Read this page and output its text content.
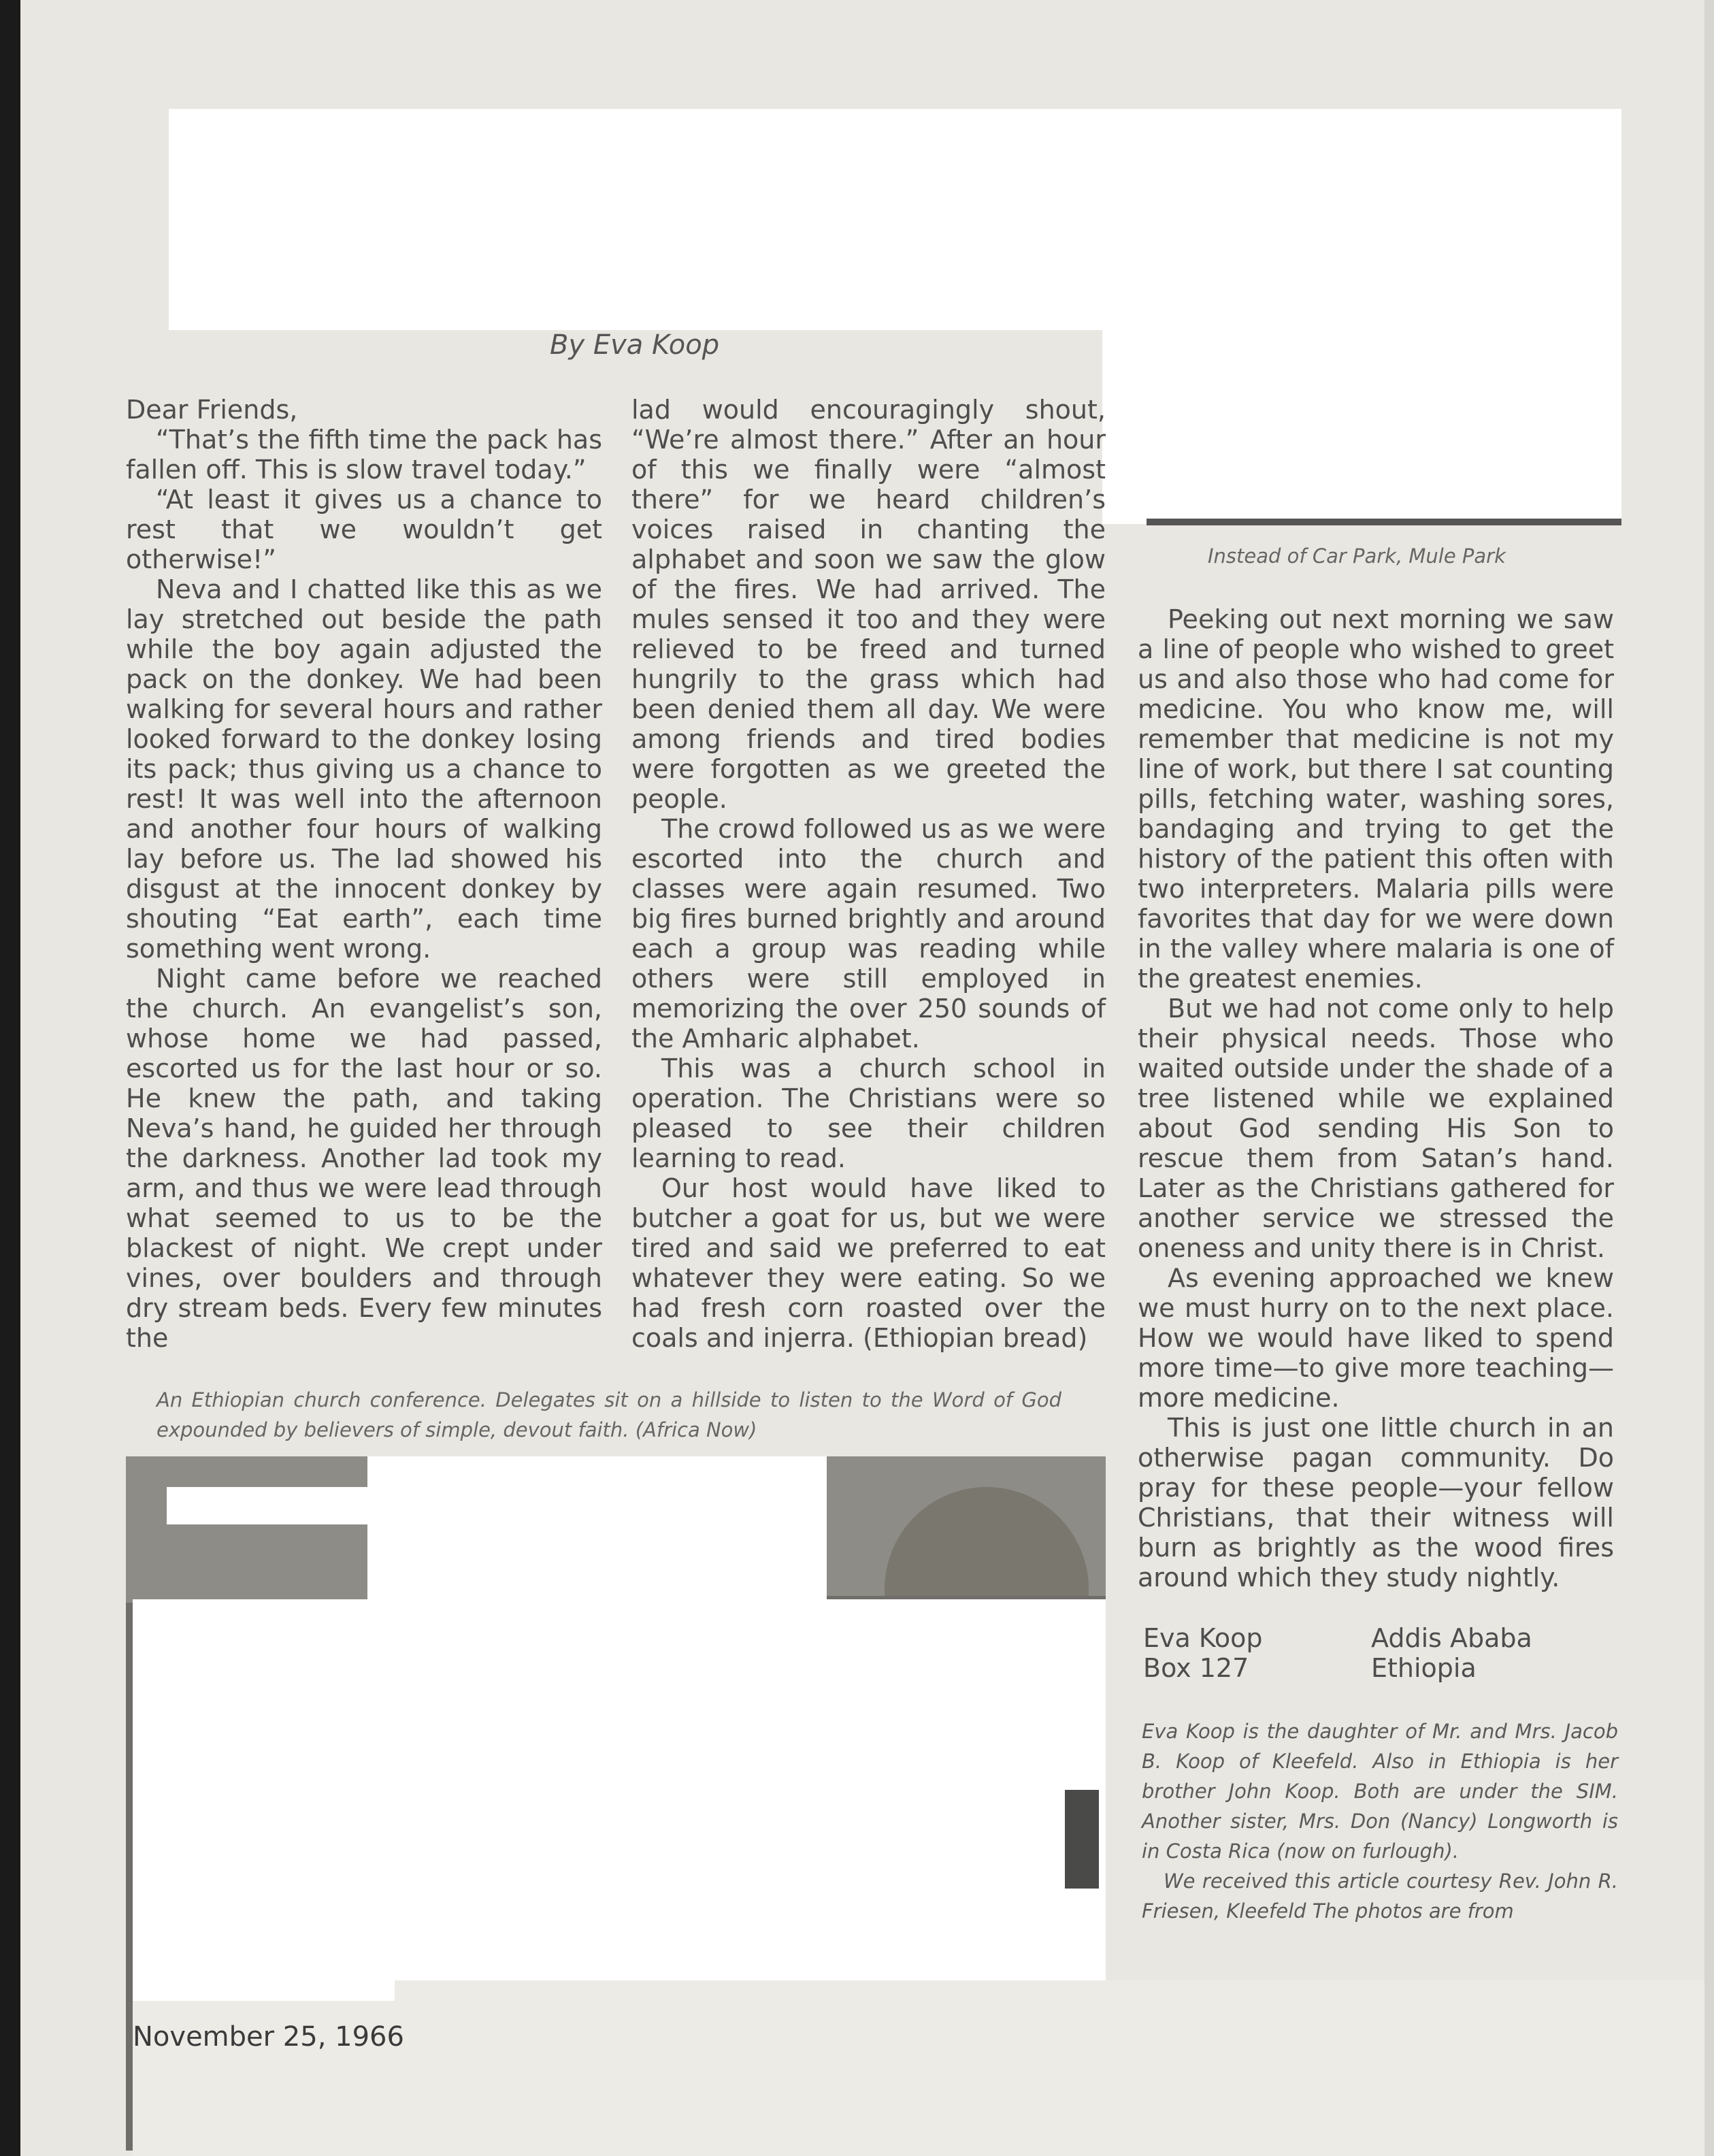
By Eva Koop

Dear Friends,

“That’s the fifth time the pack has fallen off. This is slow travel today.”

“At least it gives us a chance to rest that we wouldn’t get otherwise!”

Neva and I chatted like this as we lay stretched out beside the path while the boy again adjusted the pack on the donkey. We had been walking for several hours and rather looked forward to the donkey losing its pack; thus giving us a chance to rest! It was well into the afternoon and another four hours of walking lay before us. The lad showed his disgust at the innocent donkey by shouting “Eat earth”, each time something went wrong.

Night came before we reached the church. An evangelist’s son, whose home we had passed, escorted us for the last hour or so. He knew the path, and taking Neva’s hand, he guided her through the darkness. Another lad took my arm, and thus we were lead through what seemed to us to be the blackest of night. We crept under vines, over boulders and through dry stream beds. Every few minutes the

lad would encouragingly shout, “We’re almost there.” After an hour of this we finally were “almost there” for we heard children’s voices raised in chanting the alphabet and soon we saw the glow of the fires. We had arrived. The mules sensed it too and they were relieved to be freed and turned hungrily to the grass which had been denied them all day. We were among friends and tired bodies were forgotten as we greeted the people.

The crowd followed us as we were escorted into the church and classes were again resumed. Two big fires burned brightly and around each a group was reading while others were still employed in memorizing the over 250 sounds of the Amharic alphabet.

This was a church school in operation. The Christians were so pleased to see their children learning to read.

Our host would have liked to butcher a goat for us, but we were tired and said we preferred to eat whatever they were eating. So we had fresh corn roasted over the coals and injerra. (Ethiopian bread)

Instead of Car Park, Mule Park

Peeking out next morning we saw a line of people who wished to greet us and also those who had come for medicine. You who know me, will remember that medicine is not my line of work, but there I sat counting pills, fetching water, washing sores, bandaging and trying to get the history of the patient this often with two interpreters. Malaria pills were favorites that day for we were down in the valley where malaria is one of the greatest enemies.

But we had not come only to help their physical needs. Those who waited outside under the shade of a tree listened while we explained about God sending His Son to rescue them from Satan’s hand. Later as the Christians gathered for another service we stressed the oneness and unity there is in Christ.

As evening approached we knew we must hurry on to the next place. How we would have liked to spend more time—to give more teaching—more medicine.

This is just one little church in an otherwise pagan community. Do pray for these people—your fellow Christians, that their witness will burn as brightly as the wood fires around which they study nightly.

Eva Koop	Addis Ababa
Box 127	Ethiopia
An Ethiopian church conference. Delegates sit on a hillside to listen to the Word of God expounded by believers of simple, devout faith. (Africa Now)

Eva Koop is the daughter of Mr. and Mrs. Jacob B. Koop of Kleefeld. Also in Ethiopia is her brother John Koop. Both are under the SIM. Another sister, Mrs. Don (Nancy) Longworth is in Costa Rica (now on furlough).

We received this article courtesy Rev. John R. Friesen, Kleefeld The photos are from

November 25, 1966
